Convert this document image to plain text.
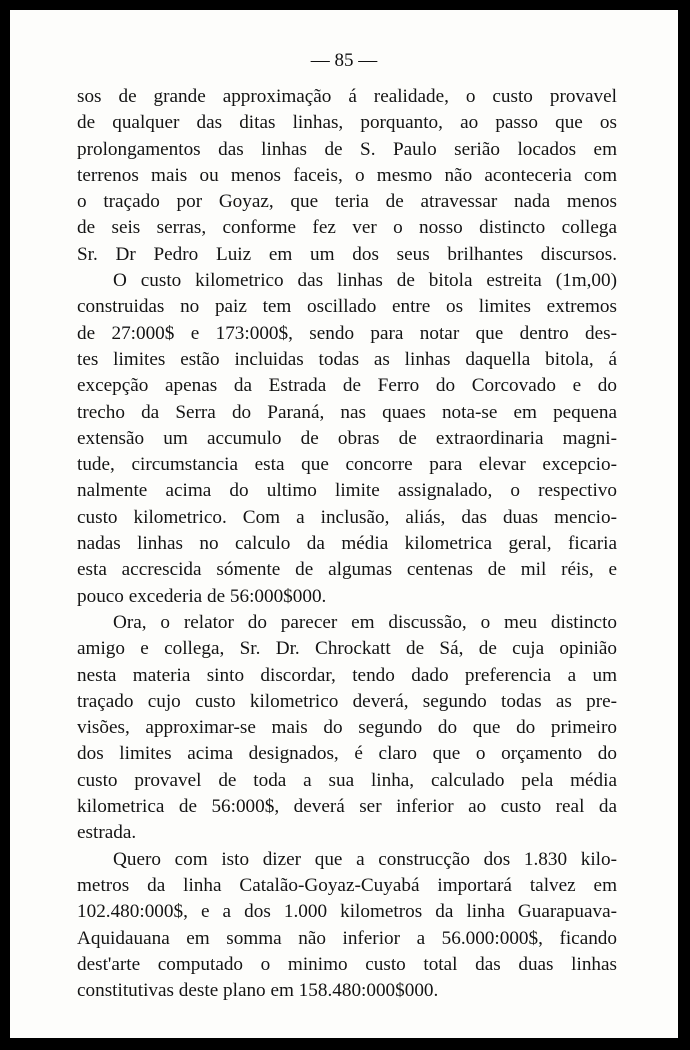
— 85 —
sos de grande approximação á realidade, o custo provavel
de qualquer das ditas linhas, porquanto, ao passo que os
prolongamentos das linhas de S. Paulo serião locados em
terrenos mais ou menos faceis, o mesmo não aconteceria com
o traçado por Goyaz, que teria de atravessar nada menos
de seis serras, conforme fez ver o nosso distincto collega
Sr. Dr Pedro Luiz em um dos seus brilhantes discursos.
O custo kilometrico das linhas de bitola estreita (1m,00)
construidas no paiz tem oscillado entre os limites extremos
de 27:000$ e 173:000$, sendo para notar que dentro des-
tes limites estão incluidas todas as linhas daquella bitola, á
excepção apenas da Estrada de Ferro do Corcovado e do
trecho da Serra do Paraná, nas quaes nota-se em pequena
extensão um accumulo de obras de extraordinaria magni-
tude, circumstancia esta que concorre para elevar excepcio-
nalmente acima do ultimo limite assignalado, o respectivo
custo kilometrico. Com a inclusão, aliás, das duas mencio-
nadas linhas no calculo da média kilometrica geral, ficaria
esta accrescida sómente de algumas centenas de mil réis, e
pouco excederia de 56:000$000.
Ora, o relator do parecer em discussão, o meu distincto
amigo e collega, Sr. Dr. Chrockatt de Sá, de cuja opinião
nesta materia sinto discordar, tendo dado preferencia a um
traçado cujo custo kilometrico deverá, segundo todas as pre-
visões, approximar-se mais do segundo do que do primeiro
dos limites acima designados, é claro que o orçamento do
custo provavel de toda a sua linha, calculado pela média
kilometrica de 56:000$, deverá ser inferior ao custo real da
estrada.
Quero com isto dizer que a construcção dos 1.830 kilo-
metros da linha Catalão-Goyaz-Cuyabá importará talvez em
102.480:000$, e a dos 1.000 kilometros da linha Guarapuava-
Aquidauana em somma não inferior a 56.000:000$, ficando
dest'arte computado o minimo custo total das duas linhas
constitutivas deste plano em 158.480:000$000.
